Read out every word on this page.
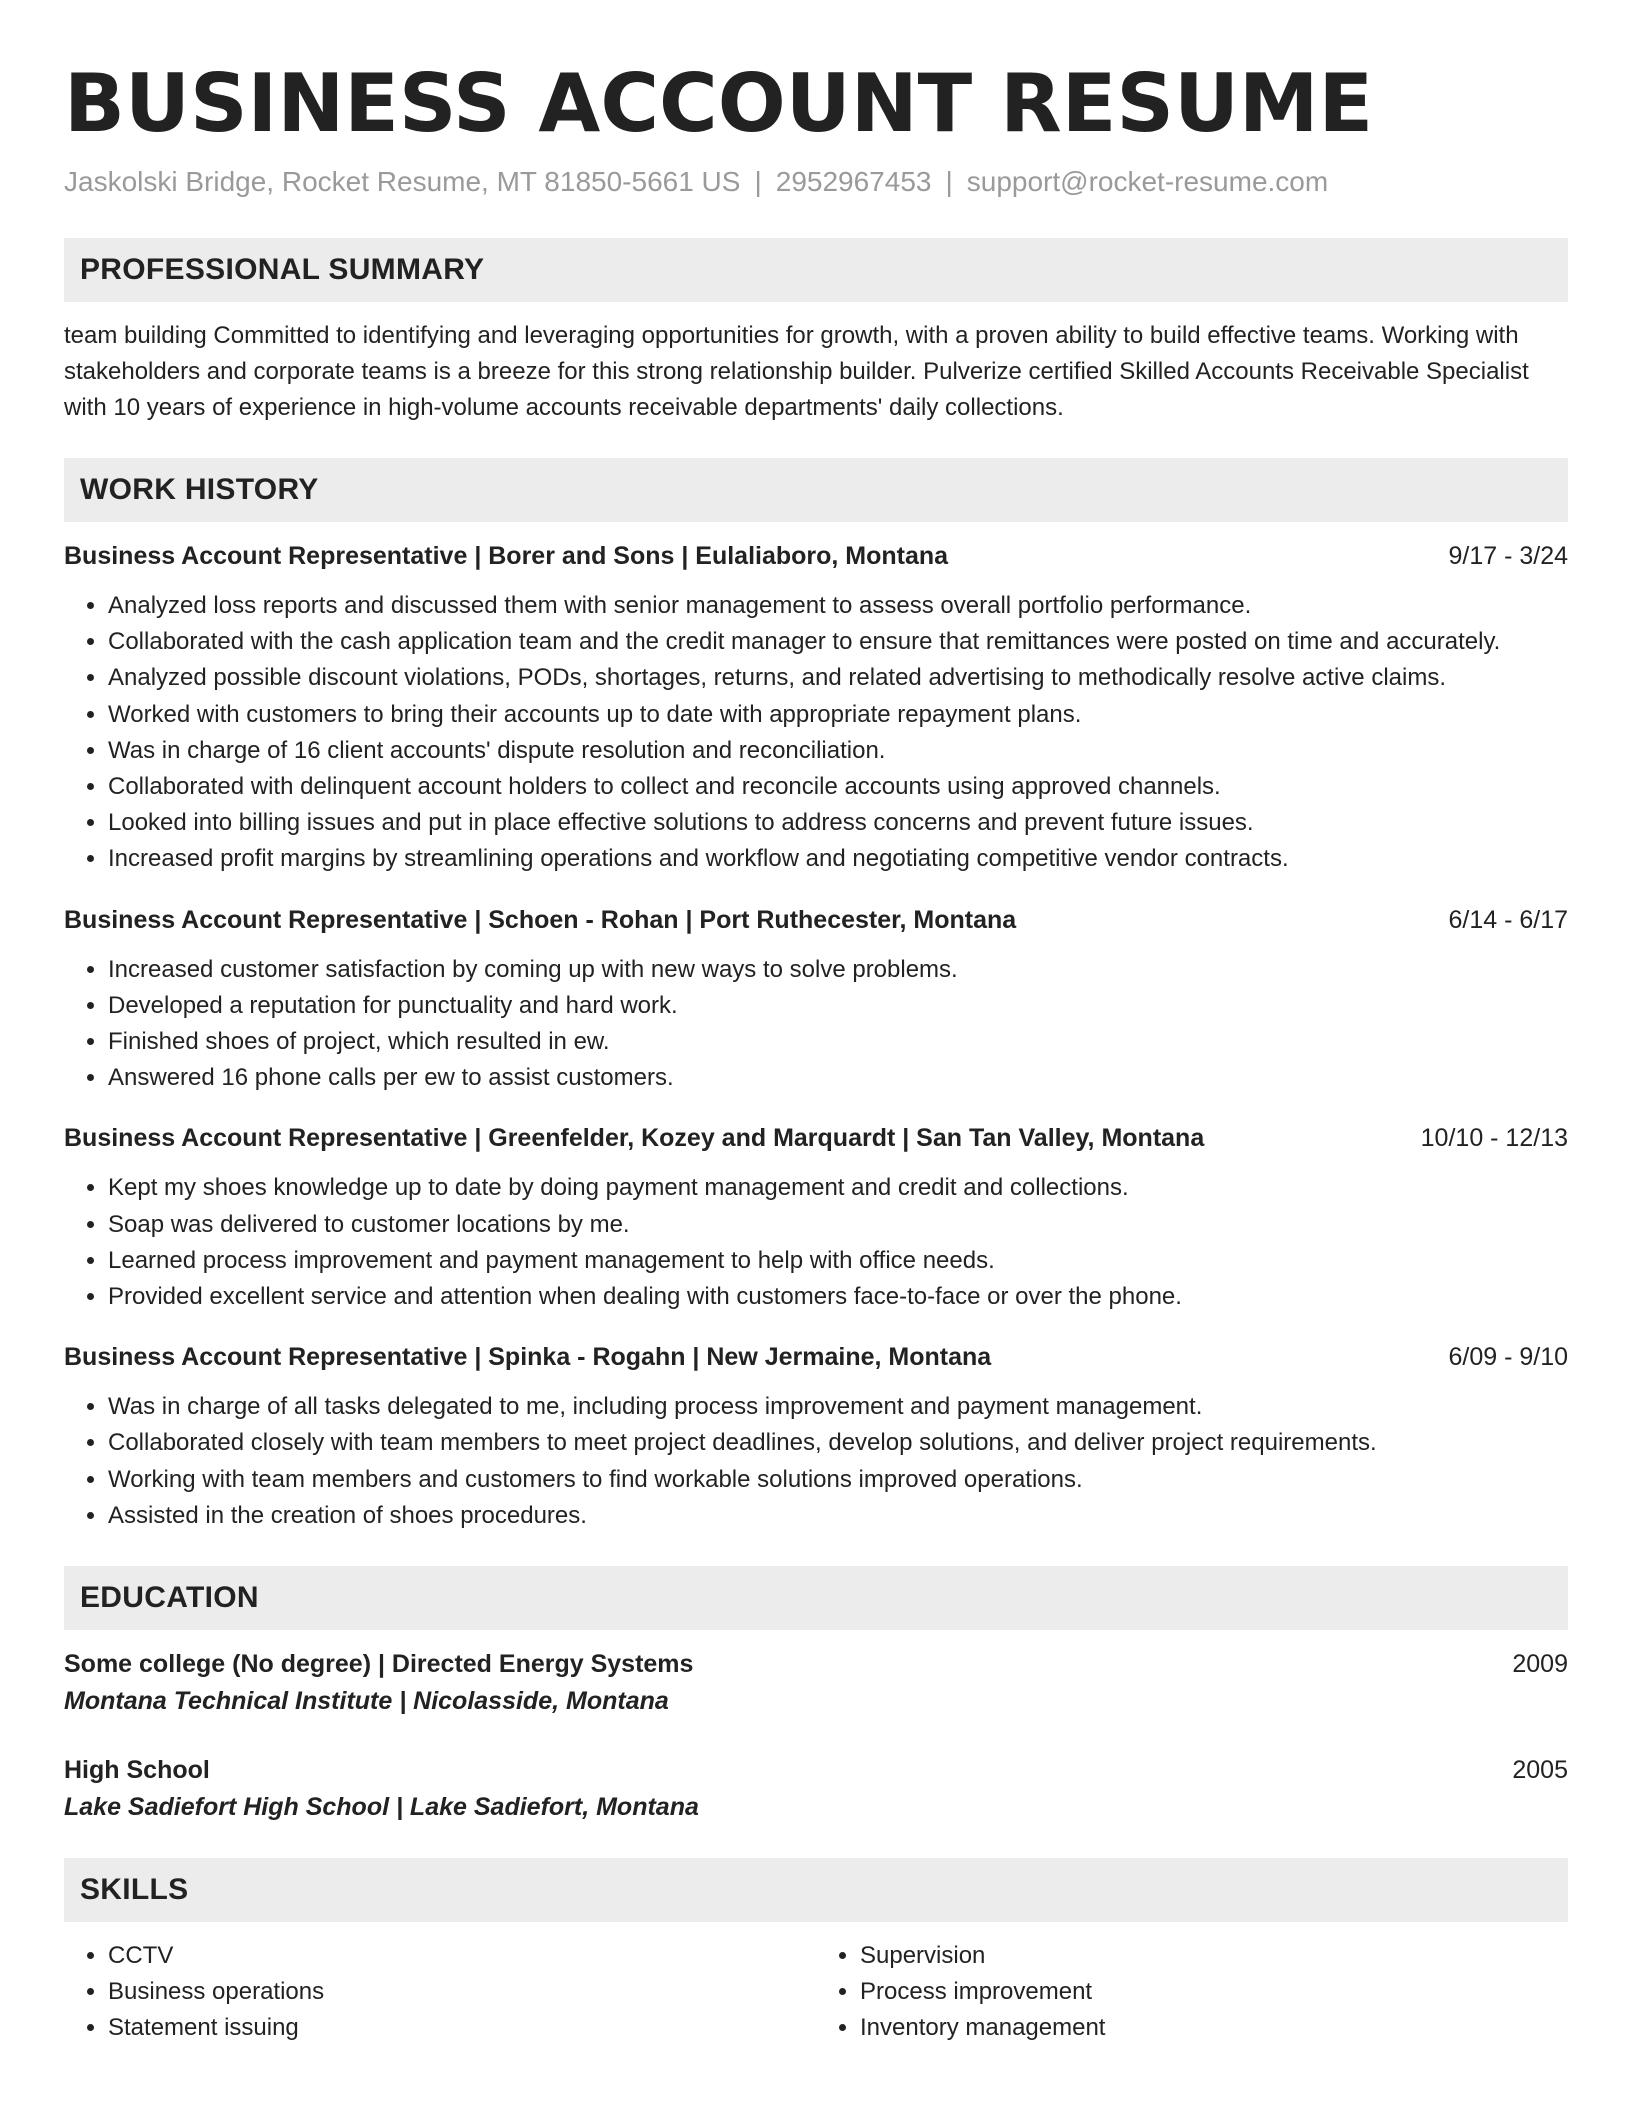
BUSINESS ACCOUNT RESUME
Jaskolski Bridge, Rocket Resume, MT 81850-5661 US | 2952967453 | support@rocket-resume.com
PROFESSIONAL SUMMARY

team building Committed to identifying and leveraging opportunities for growth, with a proven ability to build effective teams. Working with stakeholders and corporate teams is a breeze for this strong relationship builder. Pulverize certified Skilled Accounts Receivable Specialist with 10 years of experience in high-volume accounts receivable departments' daily collections.

WORK HISTORY
Business Account Representative | Borer and Sons | Eulaliaboro, Montana	9/17 - 3/24
• Analyzed loss reports and discussed them with senior management to assess overall portfolio performance.
• Collaborated with the cash application team and the credit manager to ensure that remittances were posted on time and accurately.
• Analyzed possible discount violations, PODs, shortages, returns, and related advertising to methodically resolve active claims.
• Worked with customers to bring their accounts up to date with appropriate repayment plans.
• Was in charge of 16 client accounts' dispute resolution and reconciliation.
• Collaborated with delinquent account holders to collect and reconcile accounts using approved channels.
• Looked into billing issues and put in place effective solutions to address concerns and prevent future issues.
• Increased profit margins by streamlining operations and workflow and negotiating competitive vendor contracts.
Business Account Representative | Schoen - Rohan | Port Ruthecester, Montana	6/14 - 6/17
• Increased customer satisfaction by coming up with new ways to solve problems.
• Developed a reputation for punctuality and hard work.
• Finished shoes of project, which resulted in ew.
• Answered 16 phone calls per ew to assist customers.
Business Account Representative | Greenfelder, Kozey and Marquardt | San Tan Valley, Montana	10/10 - 12/13
• Kept my shoes knowledge up to date by doing payment management and credit and collections.
• Soap was delivered to customer locations by me.
• Learned process improvement and payment management to help with office needs.
• Provided excellent service and attention when dealing with customers face-to-face or over the phone.
Business Account Representative | Spinka - Rogahn | New Jermaine, Montana	6/09 - 9/10
• Was in charge of all tasks delegated to me, including process improvement and payment management.
• Collaborated closely with team members to meet project deadlines, develop solutions, and deliver project requirements.
• Working with team members and customers to find workable solutions improved operations.
• Assisted in the creation of shoes procedures.
EDUCATION
Some college (No degree) | Directed Energy Systems	2009
Montana Technical Institute | Nicolasside, Montana
High School	2005
Lake Sadiefort High School | Lake Sadiefort, Montana
SKILLS
• CCTV
• Business operations
• Statement issuing
• Supervision
• Process improvement
• Inventory management
